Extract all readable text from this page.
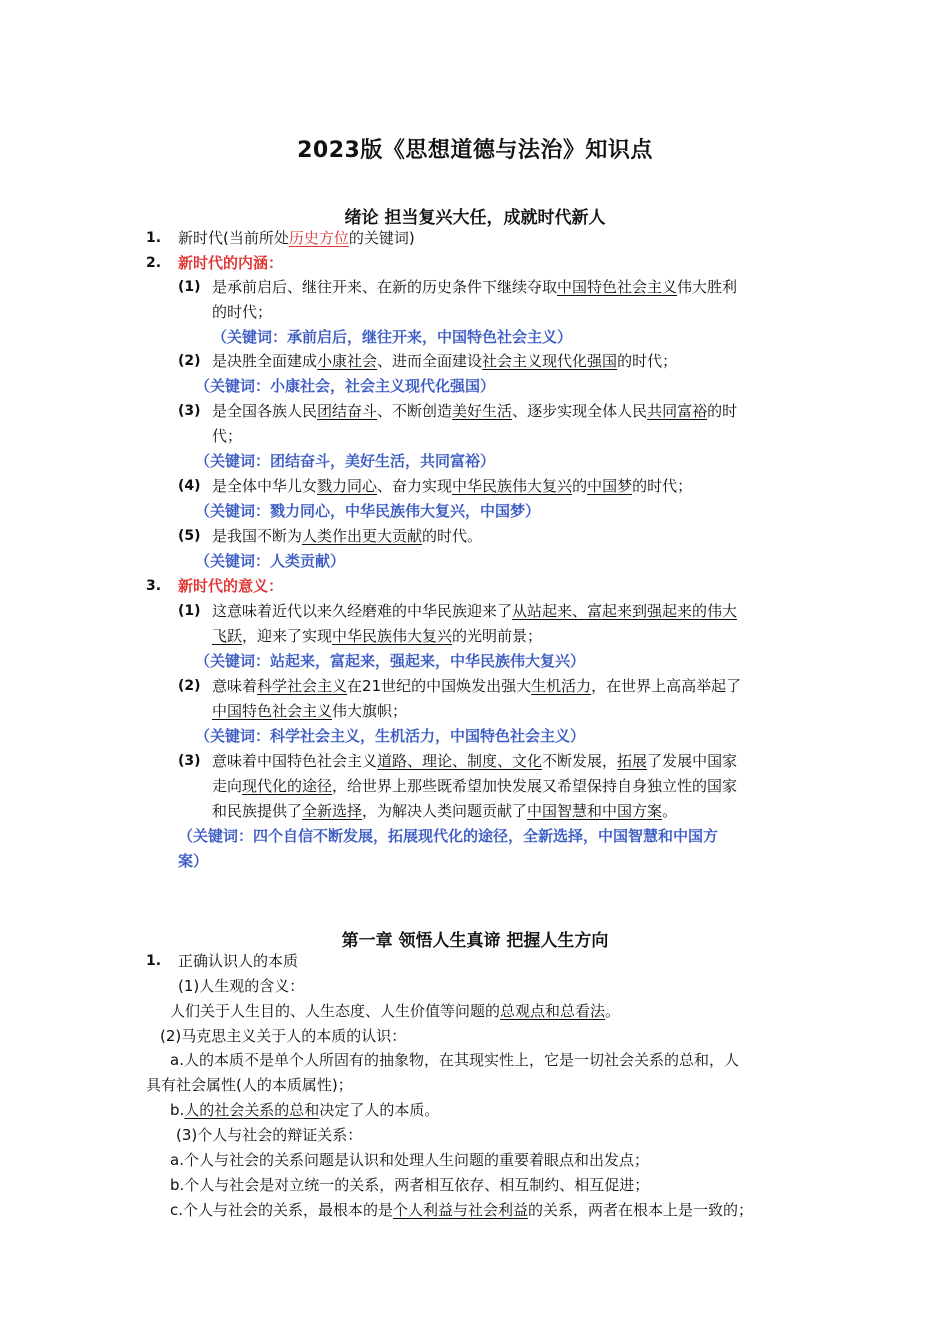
2023版《思想道德与法治》知识点
绪论 担当复兴大任，成就时代新人
1. 新时代(当前所处历史方位的关键词)
2. 新时代的内涵：
(1) 是承前启后、继往开来、在新的历史条件下继续夺取中国特色社会主义伟大胜利
的时代；
（关键词：承前启后，继往开来，中国特色社会主义）
(2) 是决胜全面建成小康社会、进而全面建设社会主义现代化强国的时代；
（关键词：小康社会，社会主义现代化强国）
(3) 是全国各族人民团结奋斗、不断创造美好生活、逐步实现全体人民共同富裕的时
代；
（关键词：团结奋斗，美好生活，共同富裕）
(4) 是全体中华儿女戮力同心、奋力实现中华民族伟大复兴的中国梦的时代；
（关键词：戮力同心，中华民族伟大复兴，中国梦）
(5) 是我国不断为人类作出更大贡献的时代。
（关键词：人类贡献）
3. 新时代的意义：
(1) 这意味着近代以来久经磨难的中华民族迎来了从站起来、富起来到强起来的伟大
飞跃，迎来了实现中华民族伟大复兴的光明前景；
（关键词：站起来，富起来，强起来，中华民族伟大复兴）
(2) 意味着科学社会主义在21世纪的中国焕发出强大生机活力，在世界上高高举起了
中国特色社会主义伟大旗帜；
（关键词：科学社会主义，生机活力，中国特色社会主义）
(3) 意味着中国特色社会主义道路、理论、制度、文化不断发展，拓展了发展中国家
走向现代化的途径，给世界上那些既希望加快发展又希望保持自身独立性的国家
和民族提供了全新选择，为解决人类问题贡献了中国智慧和中国方案。
（关键词：四个自信不断发展，拓展现代化的途径，全新选择，中国智慧和中国方
案）
第一章 领悟人生真谛 把握人生方向
1. 正确认识人的本质
(1)人生观的含义：
人们关于人生目的、人生态度、人生价值等问题的总观点和总看法。
(2)马克思主义关于人的本质的认识：
a.人的本质不是单个人所固有的抽象物，在其现实性上，它是一切社会关系的总和，人
具有社会属性(人的本质属性)；
b.人的社会关系的总和决定了人的本质。
(3)个人与社会的辩证关系：
a.个人与社会的关系问题是认识和处理人生问题的重要着眼点和出发点；
b.个人与社会是对立统一的关系，两者相互依存、相互制约、相互促进；
c.个人与社会的关系，最根本的是个人利益与社会利益的关系，两者在根本上是一致的；
